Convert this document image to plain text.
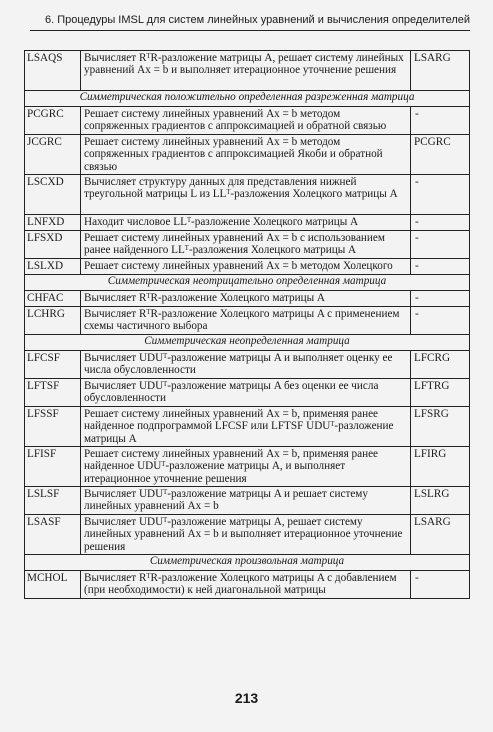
6. Процедуры IMSL для систем линейных уравнений и вычисления определителей
LSAQS	Вычисляет RᵀR-разложение матрицы A, решает систему линейных уравнений Ax = b и выполняет итерационное уточнение решения	LSARG
Симметрическая положительно определенная разреженная матрица		
PCGRC	Решает систему линейных уравнений Ax = b методом сопряженных градиентов с аппроксимацией и обратной связью	-
JCGRC	Решает систему линейных уравнений Ax = b методом сопряженных градиентов с аппроксимацией Якоби и обратной связью	PCGRC
LSCXD	Вычисляет структуру данных для представления нижней треугольной матрицы L из LLᵀ-разложения Холецкого матрицы A	-
LNFXD	Находит числовое LLᵀ-разложение Холецкого матрицы A	-
LFSXD	Решает систему линейных уравнений Ax = b с использованием ранее найденного LLᵀ-разложения Холецкого матрицы A	-
LSLXD	Решает систему линейных уравнений Ax = b методом Холецкого	-
Симметрическая неотрицательно определенная матрица		
CHFAC	Вычисляет RᵀR-разложение Холецкого матрицы A	-
LCHRG	Вычисляет RᵀR-разложение Холецкого матрицы A с применением схемы частичного выбора	-
Симметрическая неопределенная матрица		
LFCSF	Вычисляет UDUᵀ-разложение матрицы A и выполняет оценку ее числа обусловленности	LFCRG
LFTSF	Вычисляет UDUᵀ-разложение матрицы A без оценки ее числа обусловленности	LFTRG
LFSSF	Решает систему линейных уравнений Ax = b, применяя ранее найденное подпрограммой LFCSF или LFTSF UDUᵀ-разложение матрицы A	LFSRG
LFISF	Решает систему линейных уравнений Ax = b, применяя ранее найденное UDUᵀ-разложение матрицы A, и выполняет итерационное уточнение решения	LFIRG
LSLSF	Вычисляет UDUᵀ-разложение матрицы A и решает систему линейных уравнений Ax = b	LSLRG
LSASF	Вычисляет UDUᵀ-разложение матрицы A, решает систему линейных уравнений Ax = b и выполняет итерационное уточнение решения	LSARG
Симметрическая произвольная матрица		
MCHOL	Вычисляет RᵀR-разложение Холецкого матрицы A с добавлением (при необходимости) к ней диагональной матрицы	-
213
